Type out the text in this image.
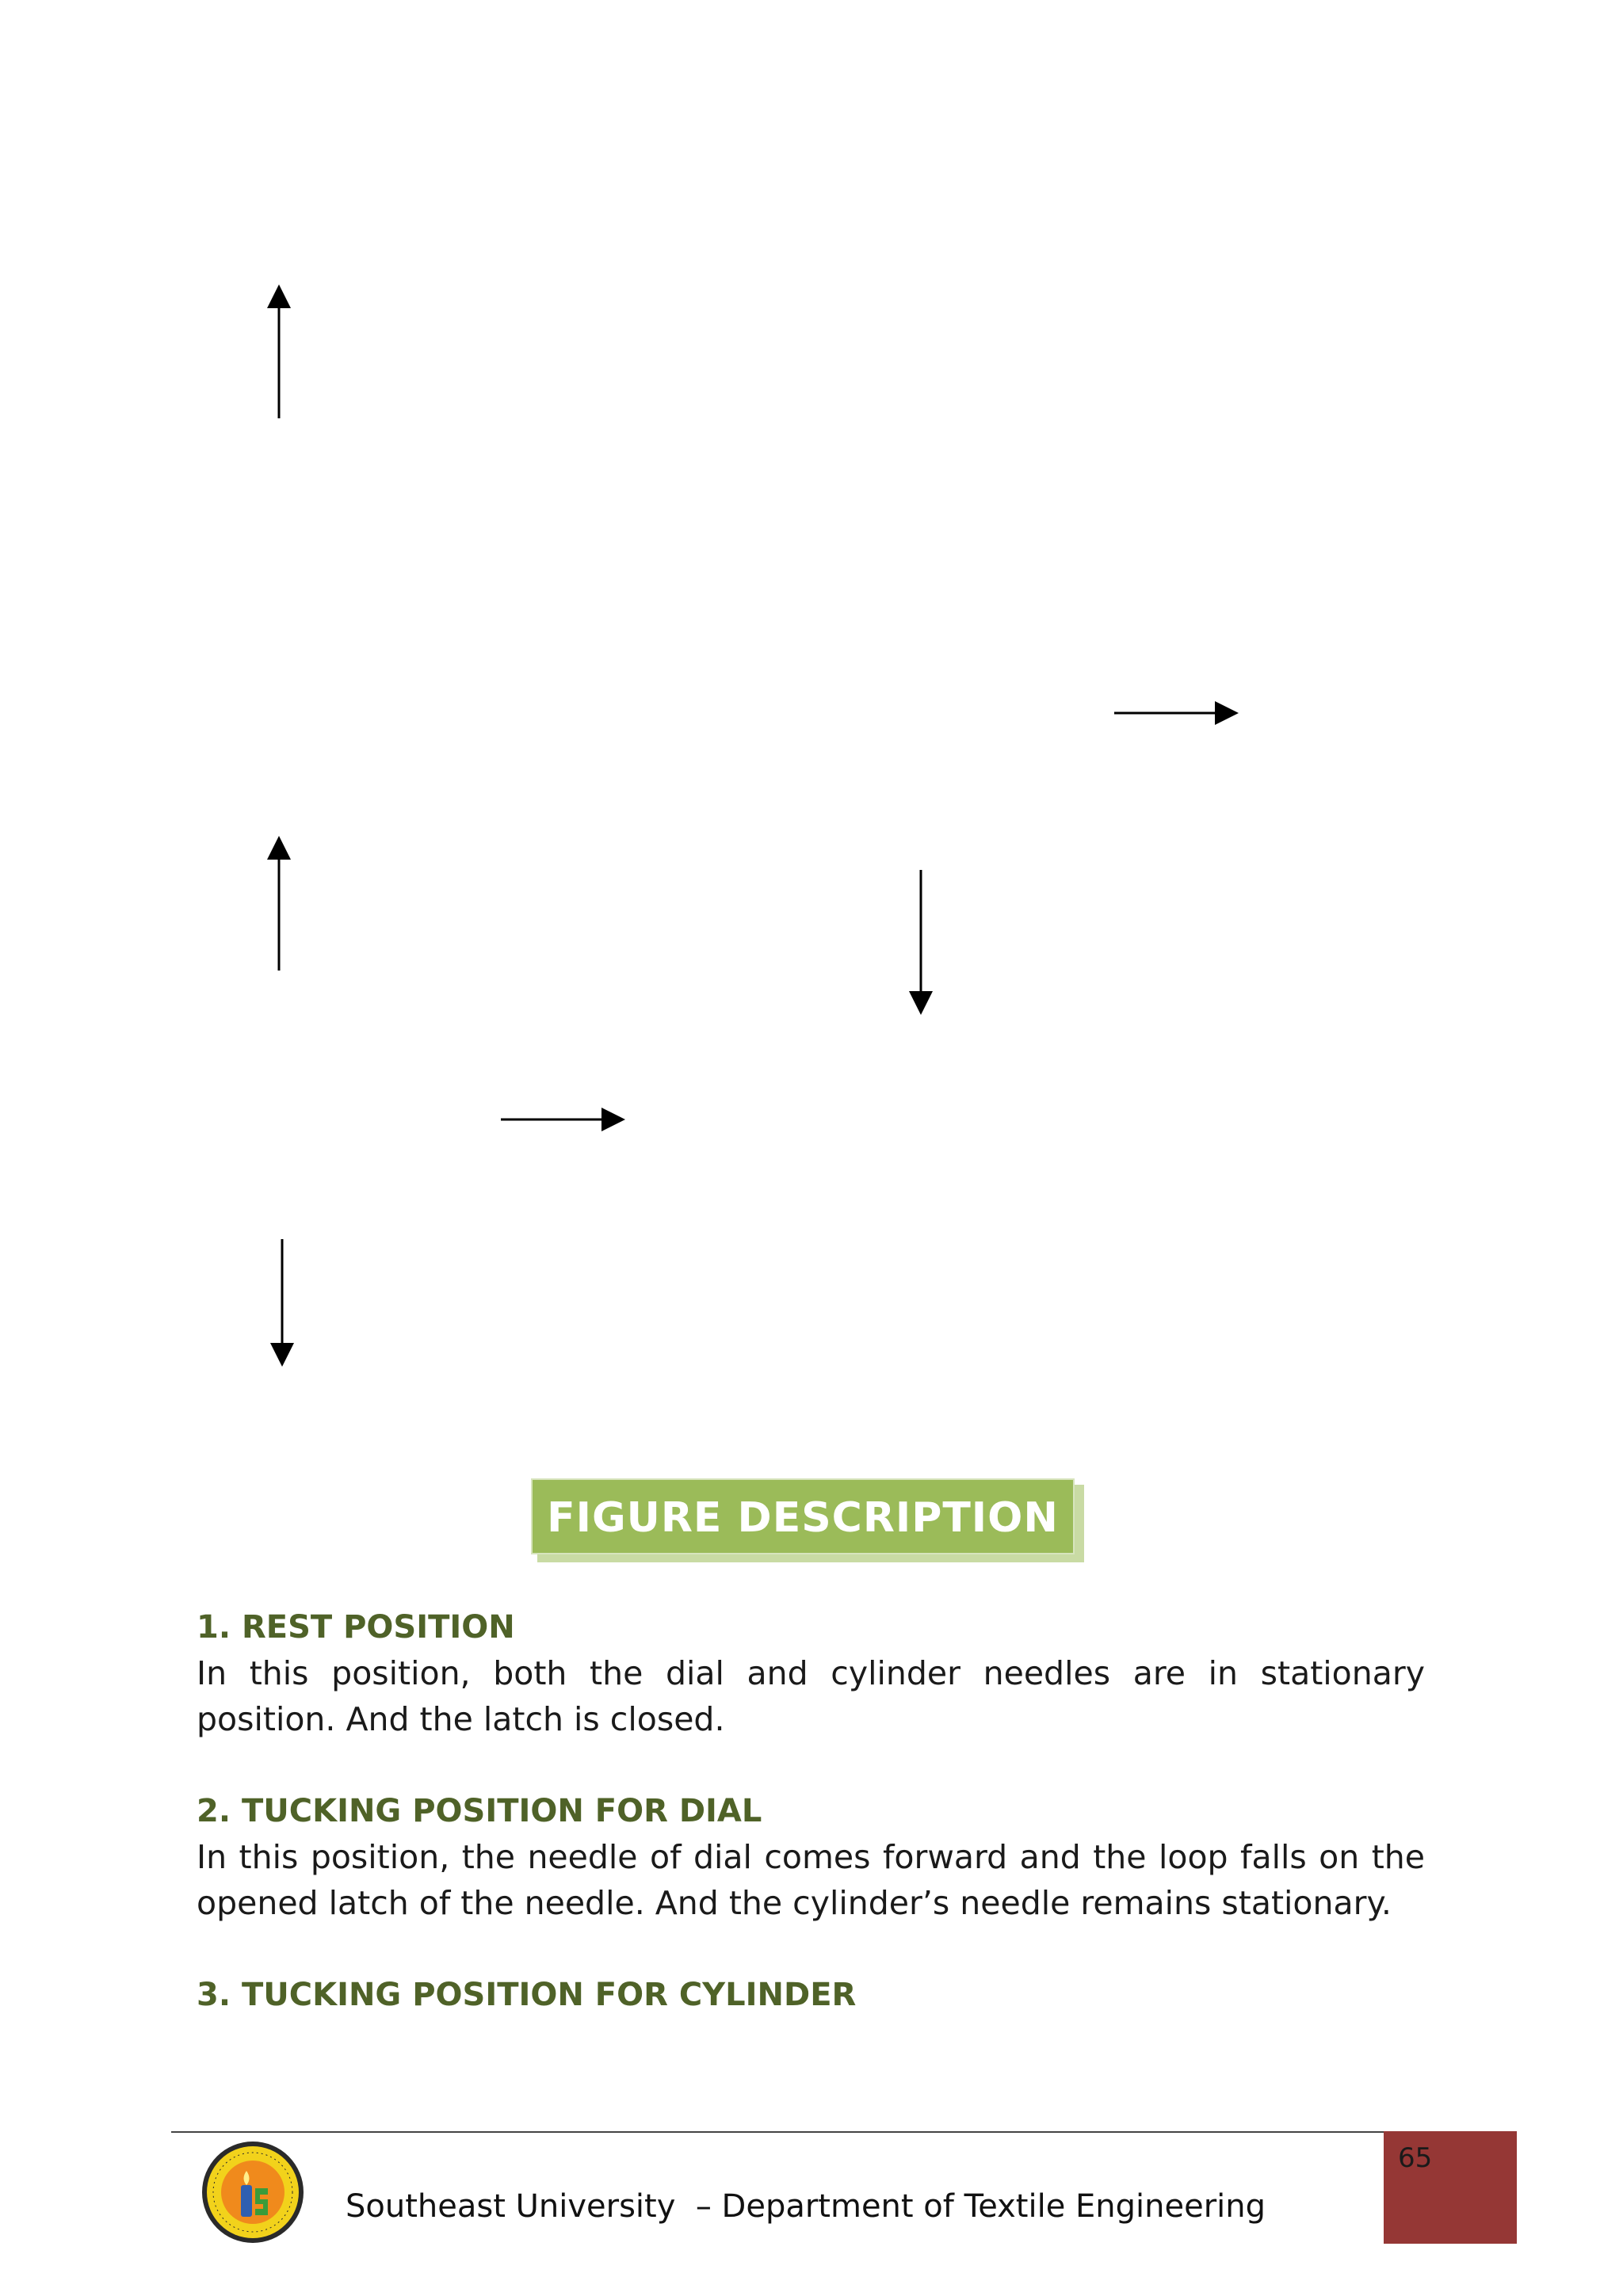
FIGURE DESCRIPTION

1. REST POSITION

In this position, both the dial and cylinder needles are in stationary position. And the latch is closed.

2. TUCKING POSITION FOR DIAL

In this position, the needle of dial comes forward and the loop falls on the opened latch of the needle. And the cylinder’s needle remains stationary.

3. TUCKING POSITION FOR CYLINDER

Southeast University  – Department of Textile Engineering
65
